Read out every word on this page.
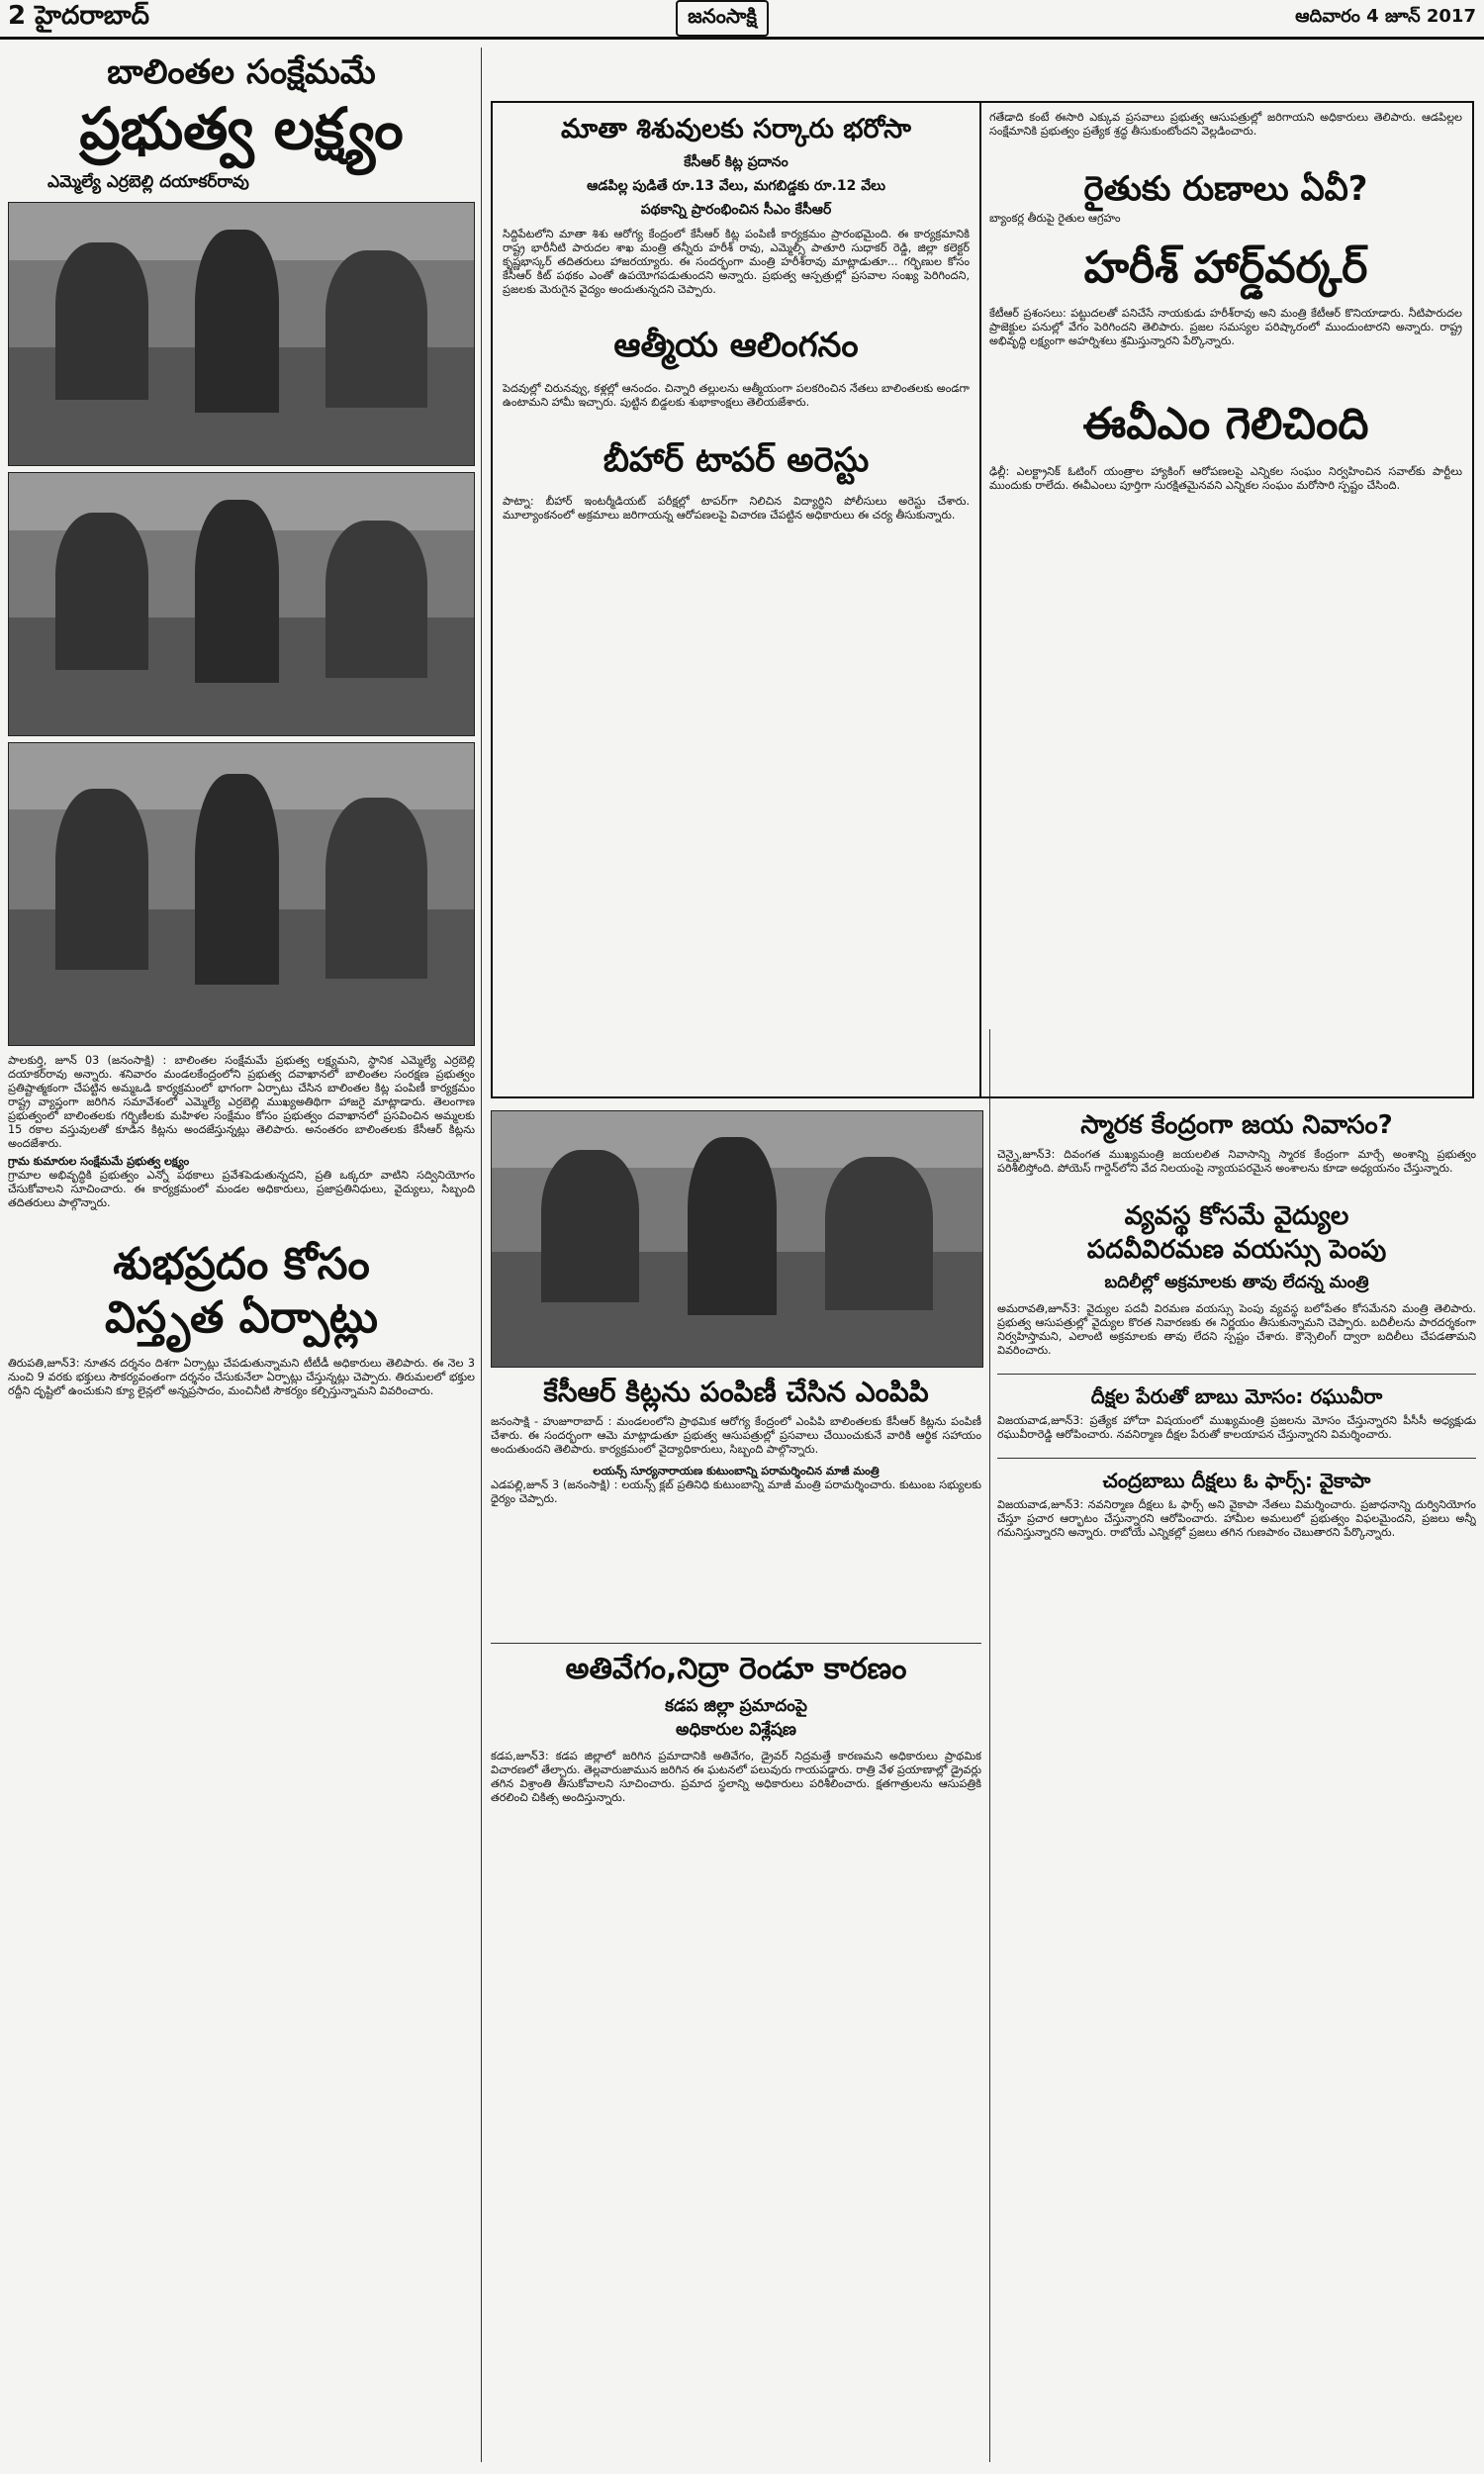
2 హైదరాబాద్	జనంసాక్షి	ఆదివారం 4 జూన్ 2017

బాలింతల సంక్షేమమే

ప్రభుత్వ లక్ష్యం

ఎమ్మెల్యే ఎర్రబెల్లి దయాకర్‌రావు

పాలకుర్తి, జూన్ 03 (జనంసాక్షి) : బాలింతల సంక్షేమమే ప్రభుత్వ లక్ష్యమని, స్థానిక ఎమ్మెల్యే ఎర్రబెల్లి దయాకర్‌రావు అన్నారు. శనివారం మండలకేంద్రంలోని ప్రభుత్వ దవాఖానలో బాలింతల సంరక్షణ ప్రభుత్వం ప్రతిష్టాత్మకంగా చేపట్టిన అమ్మఒడి కార్యక్రమంలో భాగంగా ఏర్పాటు చేసిన బాలింతల కిట్ల పంపిణీ కార్యక్రమం రాష్ట్ర వ్యాప్తంగా జరిగిన సమావేశంలో ఎమ్మెల్యే ఎర్రబెల్లి ముఖ్యఅతిథిగా హాజరై మాట్లాడారు. తెలంగాణ ప్రభుత్వంలో బాలింతలకు గర్భిణీలకు మహిళల సంక్షేమం కోసం ప్రభుత్వం దవాఖానలో ప్రసవించిన అమ్మలకు 15 రకాల వస్తువులతో కూడిన కిట్లను అందజేస్తున్నట్లు తెలిపారు. అనంతరం బాలింతలకు కేసీఆర్ కిట్లను అందజేశారు.

గ్రామ కుమారుల సంక్షేమమే ప్రభుత్వ లక్ష్యం

గ్రామాల అభివృద్ధికి ప్రభుత్వం ఎన్నో పథకాలు ప్రవేశపెడుతున్నదని, ప్రతి ఒక్కరూ వాటిని సద్వినియోగం చేసుకోవాలని సూచించారు. ఈ కార్యక్రమంలో మండల అధికారులు, ప్రజాప్రతినిధులు, వైద్యులు, సిబ్బంది తదితరులు పాల్గొన్నారు.

శుభప్రదం కోసం

విస్తృత ఏర్పాట్లు

తిరుపతి,జూన్3: నూతన దర్శనం దిశగా ఏర్పాట్లు చేపడుతున్నామని టీటీడీ అధికారులు తెలిపారు. ఈ నెల 3 నుంచి 9 వరకు భక్తులు సౌకర్యవంతంగా దర్శనం చేసుకునేలా ఏర్పాట్లు చేస్తున్నట్లు చెప్పారు. తిరుమలలో భక్తుల రద్దీని దృష్టిలో ఉంచుకుని క్యూ లైన్లలో అన్నప్రసాదం, మంచినీటి సౌకర్యం కల్పిస్తున్నామని వివరించారు.

మాతా శిశువులకు సర్కారు భరోసా

కేసీఆర్ కిట్ల ప్రదానం

ఆడపిల్ల పుడితే రూ.13 వేలు, మగబిడ్డకు రూ.12 వేలు

పథకాన్ని ప్రారంభించిన సీఎం కేసీఆర్

సిద్దిపేటలోని మాతా శిశు ఆరోగ్య కేంద్రంలో కేసీఆర్ కిట్ల పంపిణీ కార్యక్రమం ప్రారంభమైంది. ఈ కార్యక్రమానికి రాష్ట్ర భారీనీటి పారుదల శాఖ మంత్రి తన్నీరు హరీశ్ రావు, ఎమ్మెల్సీ పాతూరి సుధాకర్ రెడ్డి, జిల్లా కలెక్టర్ కృష్ణభాస్కర్ తదితరులు హాజరయ్యారు. ఈ సందర్భంగా మంత్రి హరీశ్‌రావు మాట్లాడుతూ... గర్భిణుల కోసం కేసీఆర్ కిట్ పథకం ఎంతో ఉపయోగపడుతుందని అన్నారు. ప్రభుత్వ ఆస్పత్రుల్లో ప్రసవాల సంఖ్య పెరిగిందని, ప్రజలకు మెరుగైన వైద్యం అందుతున్నదని చెప్పారు.

ఆత్మీయ ఆలింగనం

పెదవుల్లో చిరునవ్వు, కళ్లల్లో ఆనందం. చిన్నారి తల్లులను ఆత్మీయంగా పలకరించిన నేతలు బాలింతలకు అండగా ఉంటామని హామీ ఇచ్చారు. పుట్టిన బిడ్డలకు శుభాకాంక్షలు తెలియజేశారు.

బీహార్ టాపర్ అరెస్టు

పాట్నా: బీహార్ ఇంటర్మీడియట్ పరీక్షల్లో టాపర్‌గా నిలిచిన విద్యార్థిని పోలీసులు అరెస్టు చేశారు. మూల్యాంకనంలో అక్రమాలు జరిగాయన్న ఆరోపణలపై విచారణ చేపట్టిన అధికారులు ఈ చర్య తీసుకున్నారు.

కేసీఆర్ కిట్లను పంపిణీ చేసిన ఎంపిపి

జనంసాక్షి - హుజూరాబాద్ : మండలంలోని ప్రాథమిక ఆరోగ్య కేంద్రంలో ఎంపిపి బాలింతలకు కేసీఆర్ కిట్లను పంపిణీ చేశారు. ఈ సందర్భంగా ఆమె మాట్లాడుతూ ప్రభుత్వ ఆసుపత్రుల్లో ప్రసవాలు చేయించుకునే వారికి ఆర్థిక సహాయం అందుతుందని తెలిపారు. కార్యక్రమంలో వైద్యాధికారులు, సిబ్బంది పాల్గొన్నారు.

లయన్స్ సూర్యనారాయణ కుటుంబాన్ని పరామర్శించిన మాజీ మంత్రి

ఎడపల్లి,జూన్ 3 (జనంసాక్షి) : లయన్స్ క్లబ్ ప్రతినిధి కుటుంబాన్ని మాజీ మంత్రి పరామర్శించారు. కుటుంబ సభ్యులకు ధైర్యం చెప్పారు.

అతివేగం,నిద్రా రెండూ కారణం

కడప జిల్లా ప్రమాదంపై

అధికారుల విశ్లేషణ

కడప,జూన్3: కడప జిల్లాలో జరిగిన ప్రమాదానికి అతివేగం, డ్రైవర్ నిద్రమత్తే కారణమని అధికారులు ప్రాథమిక విచారణలో తేల్చారు. తెల్లవారుజామున జరిగిన ఈ ఘటనలో పలువురు గాయపడ్డారు. రాత్రి వేళ ప్రయాణాల్లో డ్రైవర్లు తగిన విశ్రాంతి తీసుకోవాలని సూచించారు. ప్రమాద స్థలాన్ని అధికారులు పరిశీలించారు. క్షతగాత్రులను ఆసుపత్రికి తరలించి చికిత్స అందిస్తున్నారు.

గతేడాది కంటే ఈసారి ఎక్కువ ప్రసవాలు ప్రభుత్వ ఆసుపత్రుల్లో జరిగాయని అధికారులు తెలిపారు. ఆడపిల్లల సంక్షేమానికి ప్రభుత్వం ప్రత్యేక శ్రద్ధ తీసుకుంటోందని వెల్లడించారు.

రైతుకు రుణాలు ఏవీ?

బ్యాంకర్ల తీరుపై రైతుల ఆగ్రహం

హరీశ్ హార్డ్‌వర్కర్

కేటీఆర్ ప్రశంసలు: పట్టుదలతో పనిచేసే నాయకుడు హరీశ్‌రావు అని మంత్రి కేటీఆర్ కొనియాడారు. నీటిపారుదల ప్రాజెక్టుల పనుల్లో వేగం పెరిగిందని తెలిపారు. ప్రజల సమస్యల పరిష్కారంలో ముందుంటారని అన్నారు. రాష్ట్ర అభివృద్ధి లక్ష్యంగా అహర్నిశలు శ్రమిస్తున్నారని పేర్కొన్నారు.

ఈవీఎం గెలిచింది

ఢిల్లీ: ఎలక్ట్రానిక్ ఓటింగ్ యంత్రాల హ్యాకింగ్ ఆరోపణలపై ఎన్నికల సంఘం నిర్వహించిన సవాల్‌కు పార్టీలు ముందుకు రాలేదు. ఈవీఎంలు పూర్తిగా సురక్షితమైనవని ఎన్నికల సంఘం మరోసారి స్పష్టం చేసింది.

స్మారక కేంద్రంగా జయ నివాసం?

చెన్నై,జూన్3: దివంగత ముఖ్యమంత్రి జయలలిత నివాసాన్ని స్మారక కేంద్రంగా మార్చే అంశాన్ని ప్రభుత్వం పరిశీలిస్తోంది. పోయెస్ గార్డెన్‌లోని వేద నిలయంపై న్యాయపరమైన అంశాలను కూడా అధ్యయనం చేస్తున్నారు.

వ్యవస్థ కోసమే వైద్యుల

పదవీవిరమణ వయస్సు పెంపు

బదిలీల్లో అక్రమాలకు తావు లేదన్న మంత్రి

అమరావతి,జూన్3: వైద్యుల పదవీ విరమణ వయస్సు పెంపు వ్యవస్థ బలోపేతం కోసమేనని మంత్రి తెలిపారు. ప్రభుత్వ ఆసుపత్రుల్లో వైద్యుల కొరత నివారణకు ఈ నిర్ణయం తీసుకున్నామని చెప్పారు. బదిలీలను పారదర్శకంగా నిర్వహిస్తామని, ఎలాంటి అక్రమాలకు తావు లేదని స్పష్టం చేశారు. కౌన్సెలింగ్ ద్వారా బదిలీలు చేపడతామని వివరించారు.

దీక్షల పేరుతో బాబు మోసం: రఘువీరా

విజయవాడ,జూన్3: ప్రత్యేక హోదా విషయంలో ముఖ్యమంత్రి ప్రజలను మోసం చేస్తున్నారని పీసీసీ అధ్యక్షుడు రఘువీరారెడ్డి ఆరోపించారు. నవనిర్మాణ దీక్షల పేరుతో కాలయాపన చేస్తున్నారని విమర్శించారు.

చంద్రబాబు దీక్షలు ఓ ఫార్స్: వైకాపా

విజయవాడ,జూన్3: నవనిర్మాణ దీక్షలు ఓ ఫార్స్ అని వైకాపా నేతలు విమర్శించారు. ప్రజాధనాన్ని దుర్వినియోగం చేస్తూ ప్రచార ఆర్భాటం చేస్తున్నారని ఆరోపించారు. హామీల అమలులో ప్రభుత్వం విఫలమైందని, ప్రజలు అన్నీ గమనిస్తున్నారని అన్నారు. రాబోయే ఎన్నికల్లో ప్రజలు తగిన గుణపాఠం చెబుతారని పేర్కొన్నారు.
